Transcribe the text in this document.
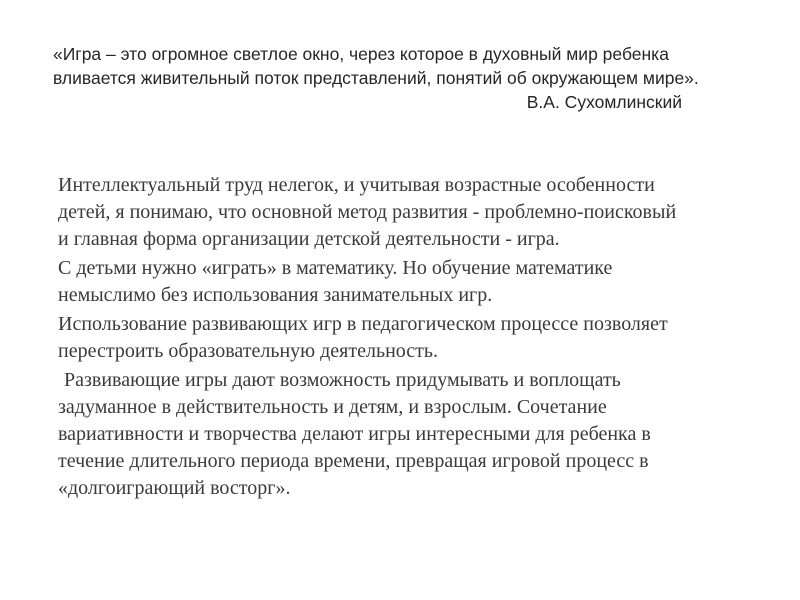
«Игра – это огромное светлое окно, через которое в духовный мир ребенка
вливается живительный поток представлений, понятий об окружающем мире».
В.А. Сухомлинский
Интеллектуальный труд нелегок, и учитывая возрастные особенности
детей, я понимаю, что основной метод развития - проблемно-поисковый
и главная форма организации детской деятельности - игра.
С детьми нужно «играть» в математику. Но обучение математике
немыслимо без использования занимательных игр.
Использование развивающих игр в педагогическом процессе позволяет
перестроить образовательную деятельность.
Развивающие игры дают возможность придумывать и воплощать
задуманное в действительность и детям, и взрослым. Сочетание
вариативности и творчества делают игры интересными для ребенка в
течение длительного периода времени, превращая игровой процесс в
«долгоиграющий восторг».
